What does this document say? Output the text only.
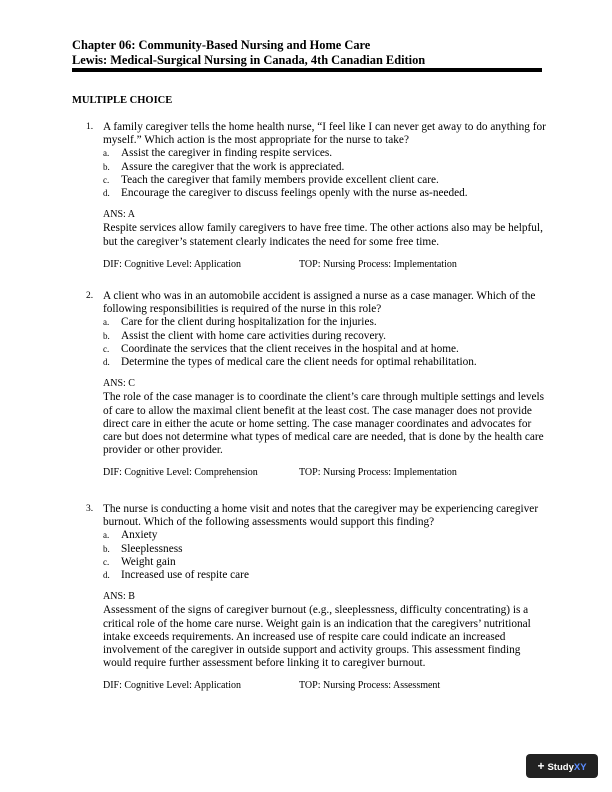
Chapter 06: Community-Based Nursing and Home Care
Lewis: Medical-Surgical Nursing in Canada, 4th Canadian Edition
MULTIPLE CHOICE
1. A family caregiver tells the home health nurse, “I feel like I can never get away to do anything for myself.” Which action is the most appropriate for the nurse to take?
a. Assist the caregiver in finding respite services.
b. Assure the caregiver that the work is appreciated.
c. Teach the caregiver that family members provide excellent client care.
d. Encourage the caregiver to discuss feelings openly with the nurse as-needed.
ANS: A
Respite services allow family caregivers to have free time. The other actions also may be helpful, but the caregiver’s statement clearly indicates the need for some free time.
DIF: Cognitive Level: Application	TOP: Nursing Process: Implementation
2. A client who was in an automobile accident is assigned a nurse as a case manager. Which of the following responsibilities is required of the nurse in this role?
a. Care for the client during hospitalization for the injuries.
b. Assist the client with home care activities during recovery.
c. Coordinate the services that the client receives in the hospital and at home.
d. Determine the types of medical care the client needs for optimal rehabilitation.
ANS: C
The role of the case manager is to coordinate the client’s care through multiple settings and levels of care to allow the maximal client benefit at the least cost. The case manager does not provide direct care in either the acute or home setting. The case manager coordinates and advocates for care but does not determine what types of medical care are needed, that is done by the health care provider or other provider.
DIF: Cognitive Level: Comprehension	TOP: Nursing Process: Implementation
3. The nurse is conducting a home visit and notes that the caregiver may be experiencing caregiver burnout. Which of the following assessments would support this finding?
a. Anxiety
b. Sleeplessness
c. Weight gain
d. Increased use of respite care
ANS: B
Assessment of the signs of caregiver burnout (e.g., sleeplessness, difficulty concentrating) is a critical role of the home care nurse. Weight gain is an indication that the caregivers’ nutritional intake exceeds requirements. An increased use of respite care could indicate an increased involvement of the caregiver in outside support and activity groups. This assessment finding would require further assessment before linking it to caregiver burnout.
DIF: Cognitive Level: Application	TOP: Nursing Process: Assessment
+ StudyXY
